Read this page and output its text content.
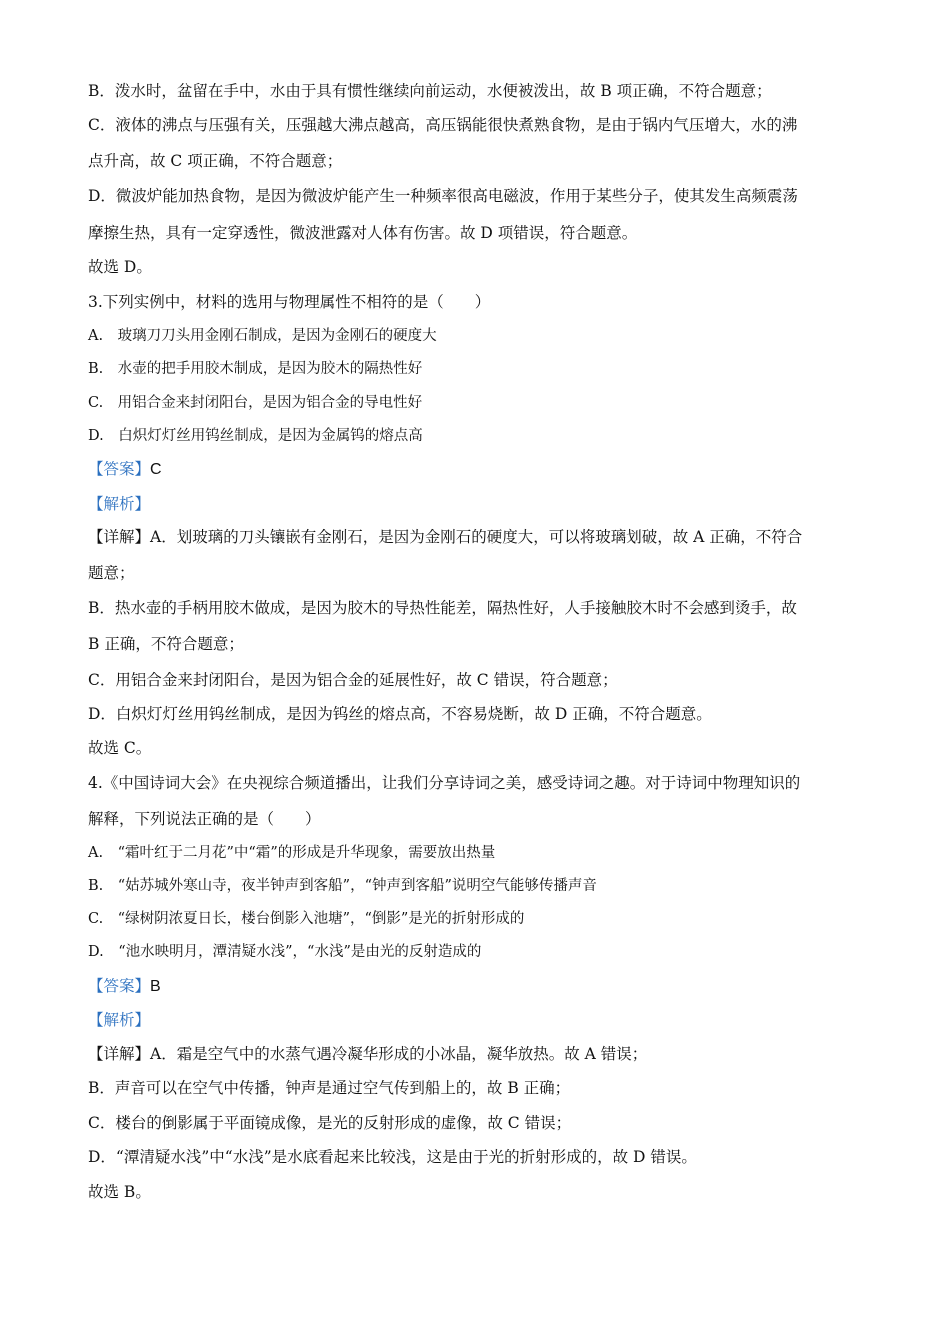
B．泼水时，盆留在手中，水由于具有惯性继续向前运动，水便被泼出，故 B 项正确，不符合题意；
C．液体的沸点与压强有关，压强越大沸点越高，高压锅能很快煮熟食物，是由于锅内气压增大，水的沸
点升高，故 C 项正确，不符合题意；
D．微波炉能加热食物，是因为微波炉能产生一种频率很高电磁波，作用于某些分子，使其发生高频震荡
摩擦生热，具有一定穿透性，微波泄露对人体有伤害。故 D 项错误，符合题意。
故选 D。
3.下列实例中，材料的选用与物理属性不相符的是（　　）
A.　玻璃刀刀头用金刚石制成，是因为金刚石的硬度大
B.　水壶的把手用胶木制成，是因为胶木的隔热性好
C.　用铝合金来封闭阳台，是因为铝合金的导电性好
D.　白炽灯灯丝用钨丝制成，是因为金属钨的熔点高
【答案】C
【解析】
【详解】A．划玻璃的刀头镶嵌有金刚石，是因为金刚石的硬度大，可以将玻璃划破，故 A 正确，不符合
题意；
B．热水壶的手柄用胶木做成，是因为胶木的导热性能差，隔热性好，人手接触胶木时不会感到烫手，故
B 正确，不符合题意；
C．用铝合金来封闭阳台，是因为铝合金的延展性好，故 C 错误，符合题意；
D．白炽灯灯丝用钨丝制成，是因为钨丝的熔点高，不容易烧断，故 D 正确，不符合题意。
故选 C。
4.《中国诗词大会》在央视综合频道播出，让我们分享诗词之美，感受诗词之趣。对于诗词中物理知识的
解释，下列说法正确的是（　　）
A.　“霜叶红于二月花”中“霜”的形成是升华现象，需要放出热量
B.　“姑苏城外寒山寺，夜半钟声到客船”，“钟声到客船”说明空气能够传播声音
C.　“绿树阴浓夏日长，楼台倒影入池塘”，“倒影”是光的折射形成的
D.　“池水映明月，潭清疑水浅”，“水浅”是由光的反射造成的
【答案】B
【解析】
【详解】A．霜是空气中的水蒸气遇冷凝华形成的小冰晶，凝华放热。故 A 错误；
B．声音可以在空气中传播，钟声是通过空气传到船上的，故 B 正确；
C．楼台的倒影属于平面镜成像，是光的反射形成的虚像，故 C 错误；
D．“潭清疑水浅”中“水浅”是水底看起来比较浅，这是由于光的折射形成的，故 D 错误。
故选 B。
